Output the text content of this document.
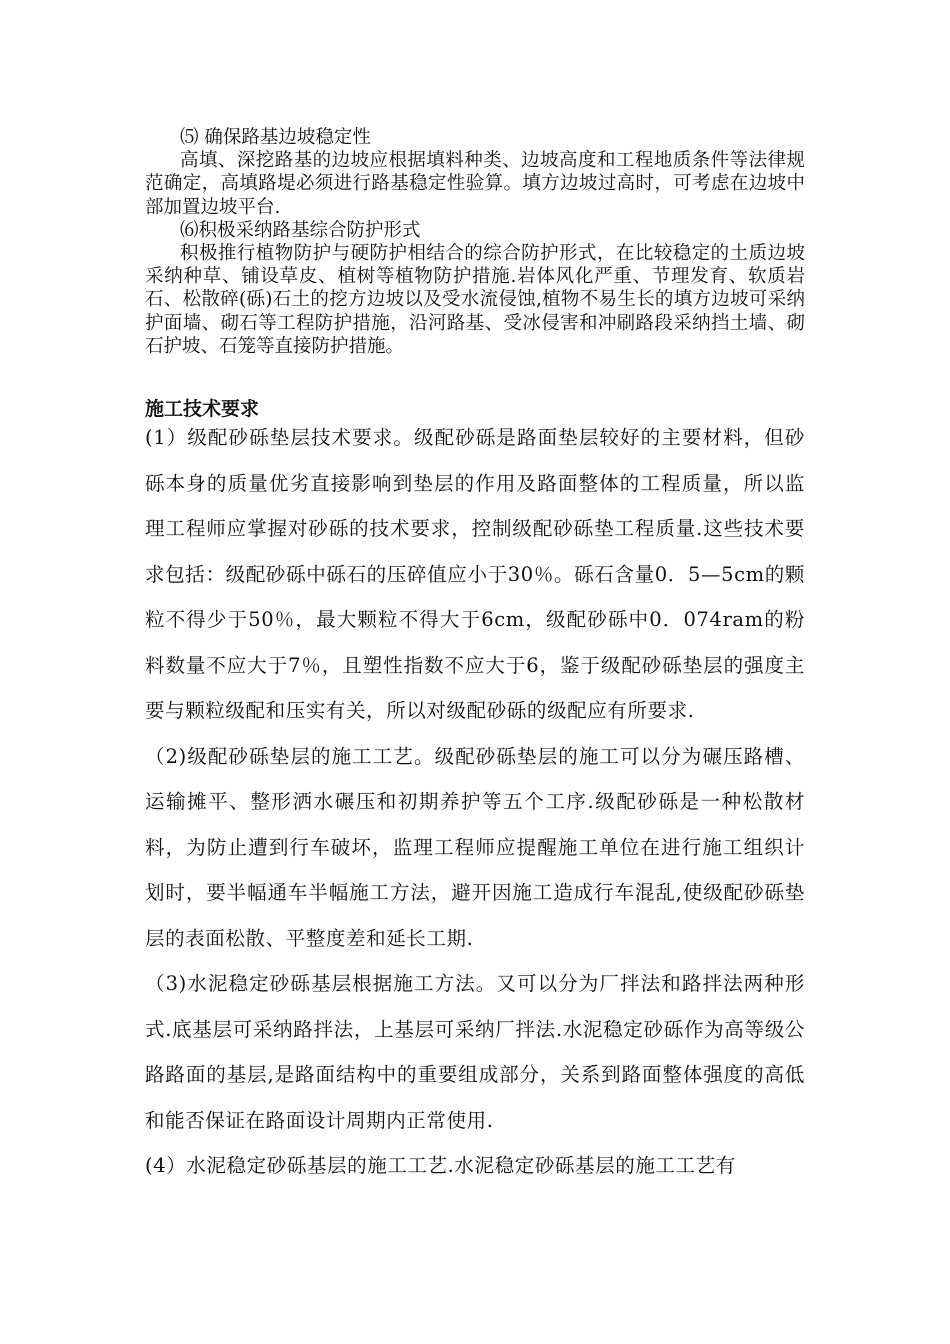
⑸ 确保路基边坡稳定性

高填、深挖路基的边坡应根据填料种类、边坡高度和工程地质条件等法律规范确定，高填路堤必须进行路基稳定性验算。填方边坡过高时，可考虑在边坡中部加置边坡平台.

⑹积极采纳路基综合防护形式

积极推行植物防护与硬防护相结合的综合防护形式，在比较稳定的土质边坡采纳种草、铺设草皮、植树等植物防护措施.岩体风化严重、节理发育、软质岩石、松散碎(砾)石土的挖方边坡以及受水流侵蚀,植物不易生长的填方边坡可采纳护面墙、砌石等工程防护措施，沿河路基、受冰侵害和冲刷路段采纳挡土墙、砌石护坡、石笼等直接防护措施。

施工技术要求

(1）级配砂砾垫层技术要求。级配砂砾是路面垫层较好的主要材料，但砂砾本身的质量优劣直接影响到垫层的作用及路面整体的工程质量，所以监理工程师应掌握对砂砾的技术要求，控制级配砂砾垫工程质量.这些技术要求包括：级配砂砾中砾石的压碎值应小于30％。砾石含量0．5—5cm的颗粒不得少于50％，最大颗粒不得大于6cm，级配砂砾中0．074ram的粉料数量不应大于7％，且塑性指数不应大于6，鉴于级配砂砾垫层的强度主要与颗粒级配和压实有关，所以对级配砂砾的级配应有所要求.

（2)级配砂砾垫层的施工工艺。级配砂砾垫层的施工可以分为碾压路槽、运输摊平、整形洒水碾压和初期养护等五个工序.级配砂砾是一种松散材料，为防止遭到行车破坏，监理工程师应提醒施工单位在进行施工组织计划时，要半幅通车半幅施工方法，避开因施工造成行车混乱,使级配砂砾垫层的表面松散、平整度差和延长工期.

（3)水泥稳定砂砾基层根据施工方法。又可以分为厂拌法和路拌法两种形式.底基层可采纳路拌法，上基层可采纳厂拌法.水泥稳定砂砾作为高等级公路路面的基层,是路面结构中的重要组成部分，关系到路面整体强度的高低和能否保证在路面设计周期内正常使用.

(4）水泥稳定砂砾基层的施工工艺.水泥稳定砂砾基层的施工工艺有
